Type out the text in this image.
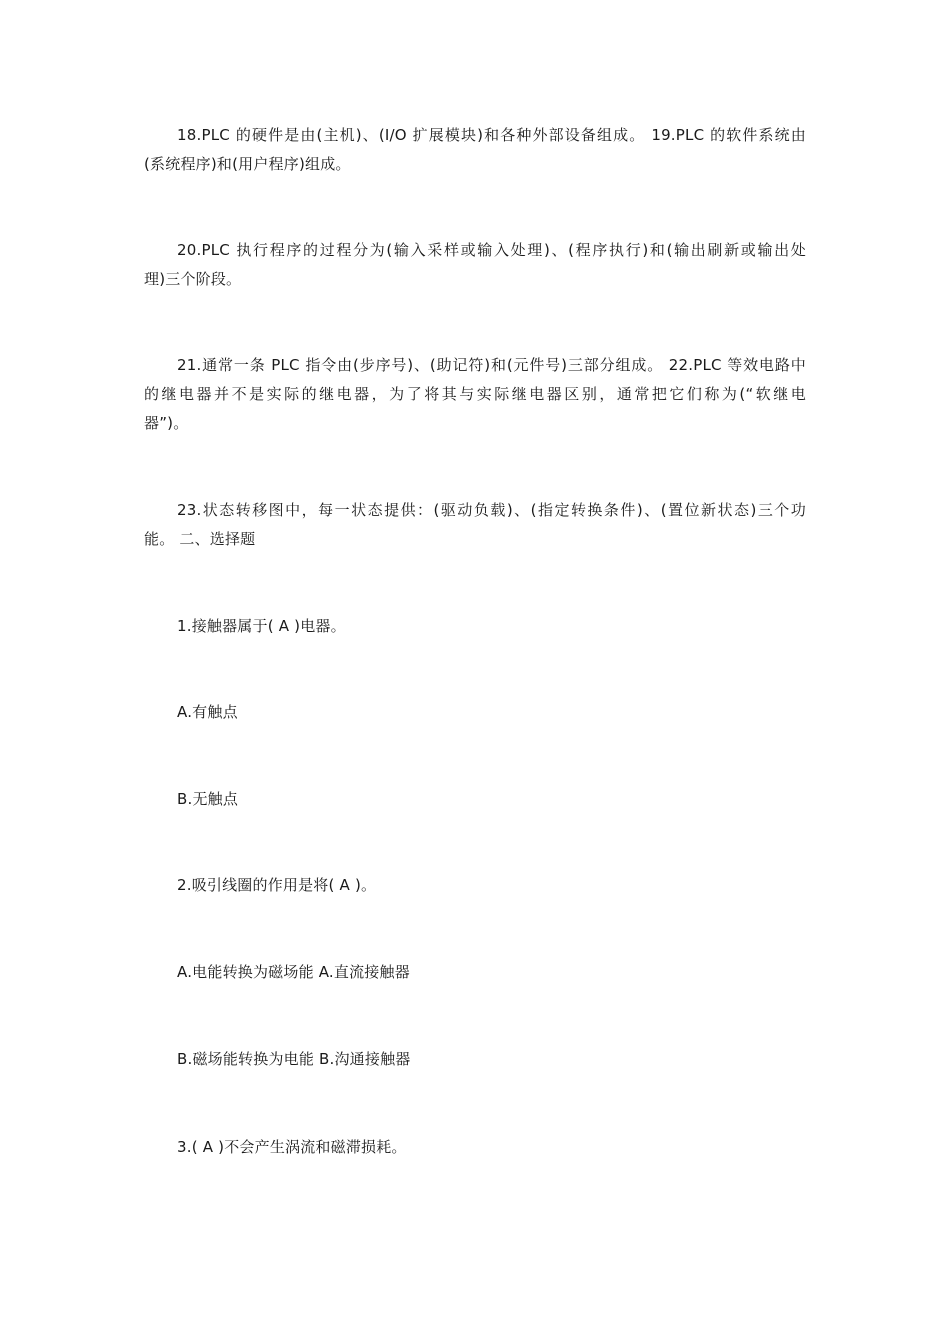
18.PLC 的硬件是由(主机)、(I/O 扩展模块)和各种外部设备组成。 19.PLC 的软件系统由
(系统程序)和(用户程序)组成。

20.PLC 执行程序的过程分为(输入采样或输入处理)、(程序执行)和(输出刷新或输出处
理)三个阶段。

21.通常一条 PLC 指令由(步序号)、(助记符)和(元件号)三部分组成。 22.PLC 等效电路中
的继电器并不是实际的继电器，为了将其与实际继电器区别，通常把它们称为(“软继电
器”)。

23.状态转移图中，每一状态提供：(驱动负载)、(指定转换条件)、(置位新状态)三个功
能。 二、选择题

1.接触器属于( A )电器。

A.有触点

B.无触点

2.吸引线圈的作用是将( A )。

A.电能转换为磁场能 A.直流接触器

B.磁场能转换为电能 B.沟通接触器

3.( A )不会产生涡流和磁滞损耗。
